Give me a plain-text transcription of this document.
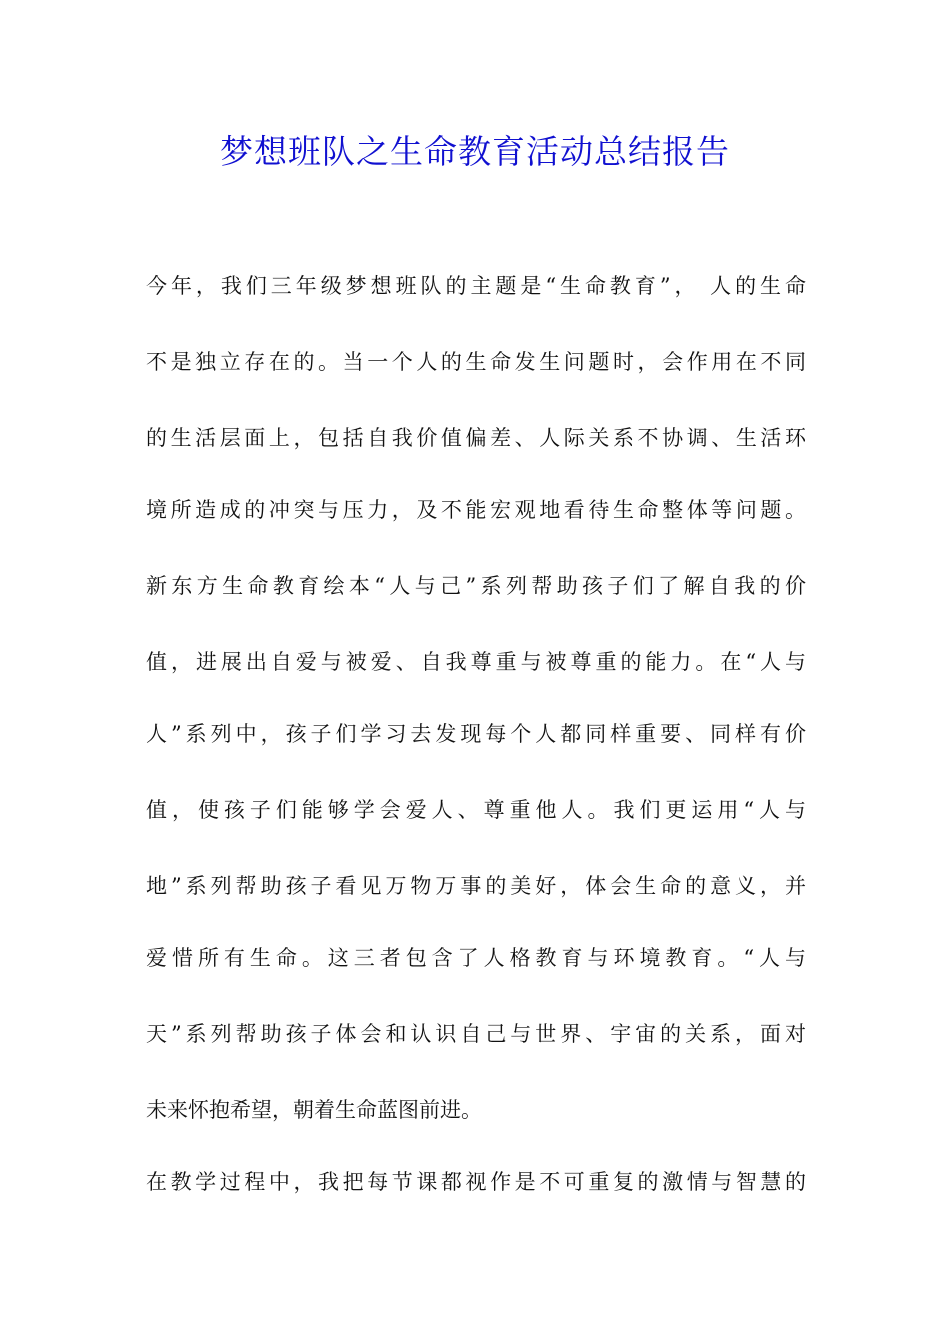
梦想班队之生命教育活动总结报告
今年，我们三年级梦想班队的主题是“生命教育”， 人的生命
不是独立存在的。当一个人的生命发生问题时，会作用在不同
的生活层面上，包括自我价值偏差、人际关系不协调、生活环
境所造成的冲突与压力，及不能宏观地看待生命整体等问题。
新东方生命教育绘本“人与己”系列帮助孩子们了解自我的价
值，进展出自爱与被爱、自我尊重与被尊重的能力。在“人与
人”系列中，孩子们学习去发现每个人都同样重要、同样有价
值，使孩子们能够学会爱人、尊重他人。我们更运用“人与
地”系列帮助孩子看见万物万事的美好，体会生命的意义，并
爱惜所有生命。这三者包含了人格教育与环境教育。“人与
天”系列帮助孩子体会和认识自己与世界、宇宙的关系，面对
未来怀抱希望，朝着生命蓝图前进。
在教学过程中，我把每节课都视作是不可重复的激情与智慧的
